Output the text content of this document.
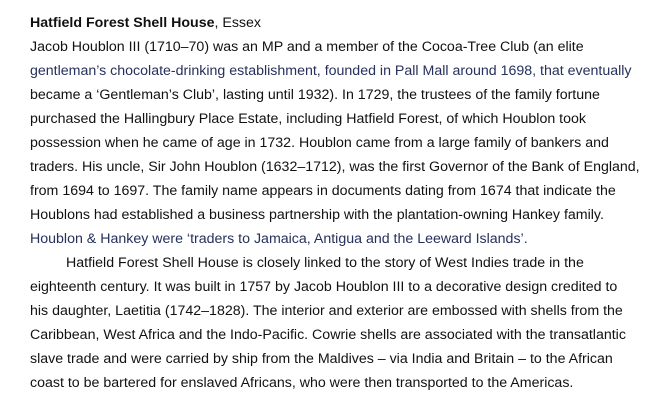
Hatfield Forest Shell House, Essex

Jacob Houblon III (1710–70) was an MP and a member of the Cocoa-Tree Club (an elite
gentleman’s chocolate-drinking establishment, founded in Pall Mall around 1698, that eventually
became a ‘Gentleman’s Club’, lasting until 1932). In 1729, the trustees of the family fortune
purchased the Hallingbury Place Estate, including Hatfield Forest, of which Houblon took
possession when he came of age in 1732. Houblon came from a large family of bankers and
traders. His uncle, Sir John Houblon (1632–1712), was the first Governor of the Bank of England,
from 1694 to 1697. The family name appears in documents dating from 1674 that indicate the
Houblons had established a business partnership with the plantation-owning Hankey family.
Houblon & Hankey were ‘traders to Jamaica, Antigua and the Leeward Islands’.

Hatfield Forest Shell House is closely linked to the story of West Indies trade in the
eighteenth century. It was built in 1757 by Jacob Houblon III to a decorative design credited to
his daughter, Laetitia (1742–1828). The interior and exterior are embossed with shells from the
Caribbean, West Africa and the Indo-Pacific. Cowrie shells are associated with the transatlantic
slave trade and were carried by ship from the Maldives – via India and Britain – to the African
coast to be bartered for enslaved Africans, who were then transported to the Americas.
